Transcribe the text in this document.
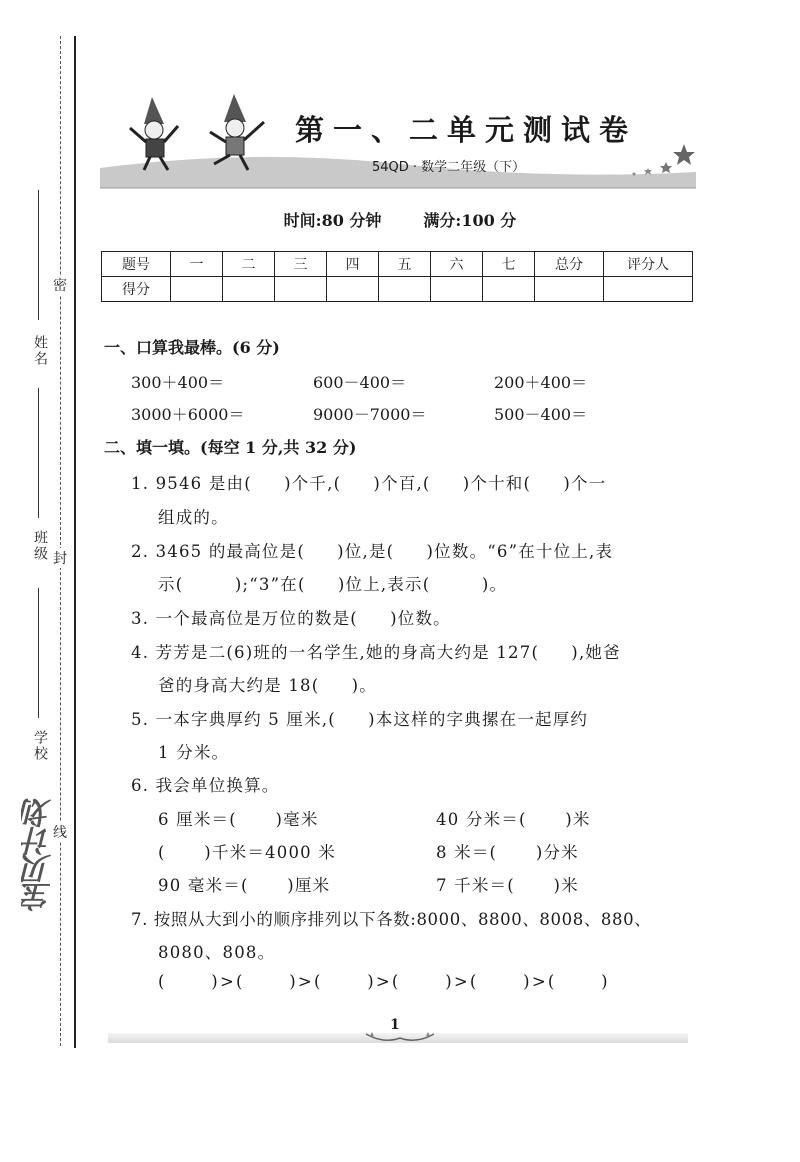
姓名
班级
学校
密
封
线
宝贝计划
第一、二单元测试卷
54QD · 数学二年级（下）
时间:80 分钟	满分:100 分
题号	一	二	三	四	五	六	七	总分	评分人
得分									
一、口算我最棒。(6 分)
300＋400＝	600－400＝	200＋400＝
3000＋6000＝	9000－7000＝	500－400＝
二、填一填。(每空 1 分,共 32 分)
1. 9546 是由(     )个千,(     )个百,(     )个十和(     )个一
组成的。
2. 3465 的最高位是(     )位,是(     )位数。“6”在十位上,表
示(        );“3”在(     )位上,表示(        )。
3. 一个最高位是万位的数是(     )位数。
4. 芳芳是二(6)班的一名学生,她的身高大约是 127(     ),她爸
爸的身高大约是 18(     )。
5. 一本字典厚约 5 厘米,(     )本这样的字典摞在一起厚约
1 分米。
6. 我会单位换算。
6 厘米＝(      )毫米	40 分米＝(      )米
(      )千米＝4000 米	8 米＝(      )分米
90 毫米＝(      )厘米	7 千米＝(      )米
7. 按照从大到小的顺序排列以下各数:8000、8800、8008、880、
8080、808。
(      )>(      )>(      )>(      )>(      )>(      )
1
